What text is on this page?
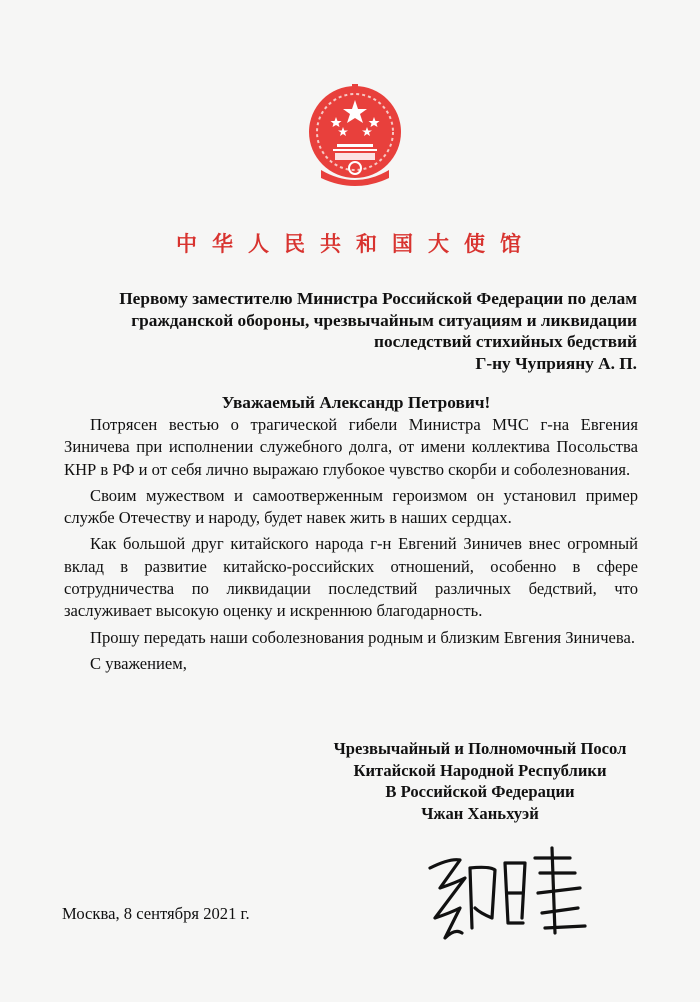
中华人民共和国大使馆
Первому заместителю Министра Российской Федерации по делам
гражданской обороны, чрезвычайным ситуациям и ликвидации
последствий стихийных бедствий
Г-ну Чуприяну А. П.
Уважаемый Александр Петрович!

Потрясен вестью о трагической гибели Министра МЧС г-на Евгения Зиничева при исполнении служебного долга, от имени коллектива Посольства КНР в РФ и от себя лично выражаю глубокое чувство скорби и соболезнования.

Своим мужеством и самоотверженным героизмом он установил пример службе Отечеству и народу, будет навек жить в наших сердцах.

Как большой друг китайского народа г-н Евгений Зиничев внес огромный вклад в развитие китайско-российских отношений, особенно в сфере сотрудничества по ликвидации последствий различных бедствий, что заслуживает высокую оценку и искреннюю благодарность.

Прошу передать наши соболезнования родным и близким Евгения Зиничева.

С уважением,

Чрезвычайный и Полномочный Посол
Китайской Народной Республики
В Российской Федерации
Чжан Ханьхуэй
Москва, 8 сентября 2021 г.
